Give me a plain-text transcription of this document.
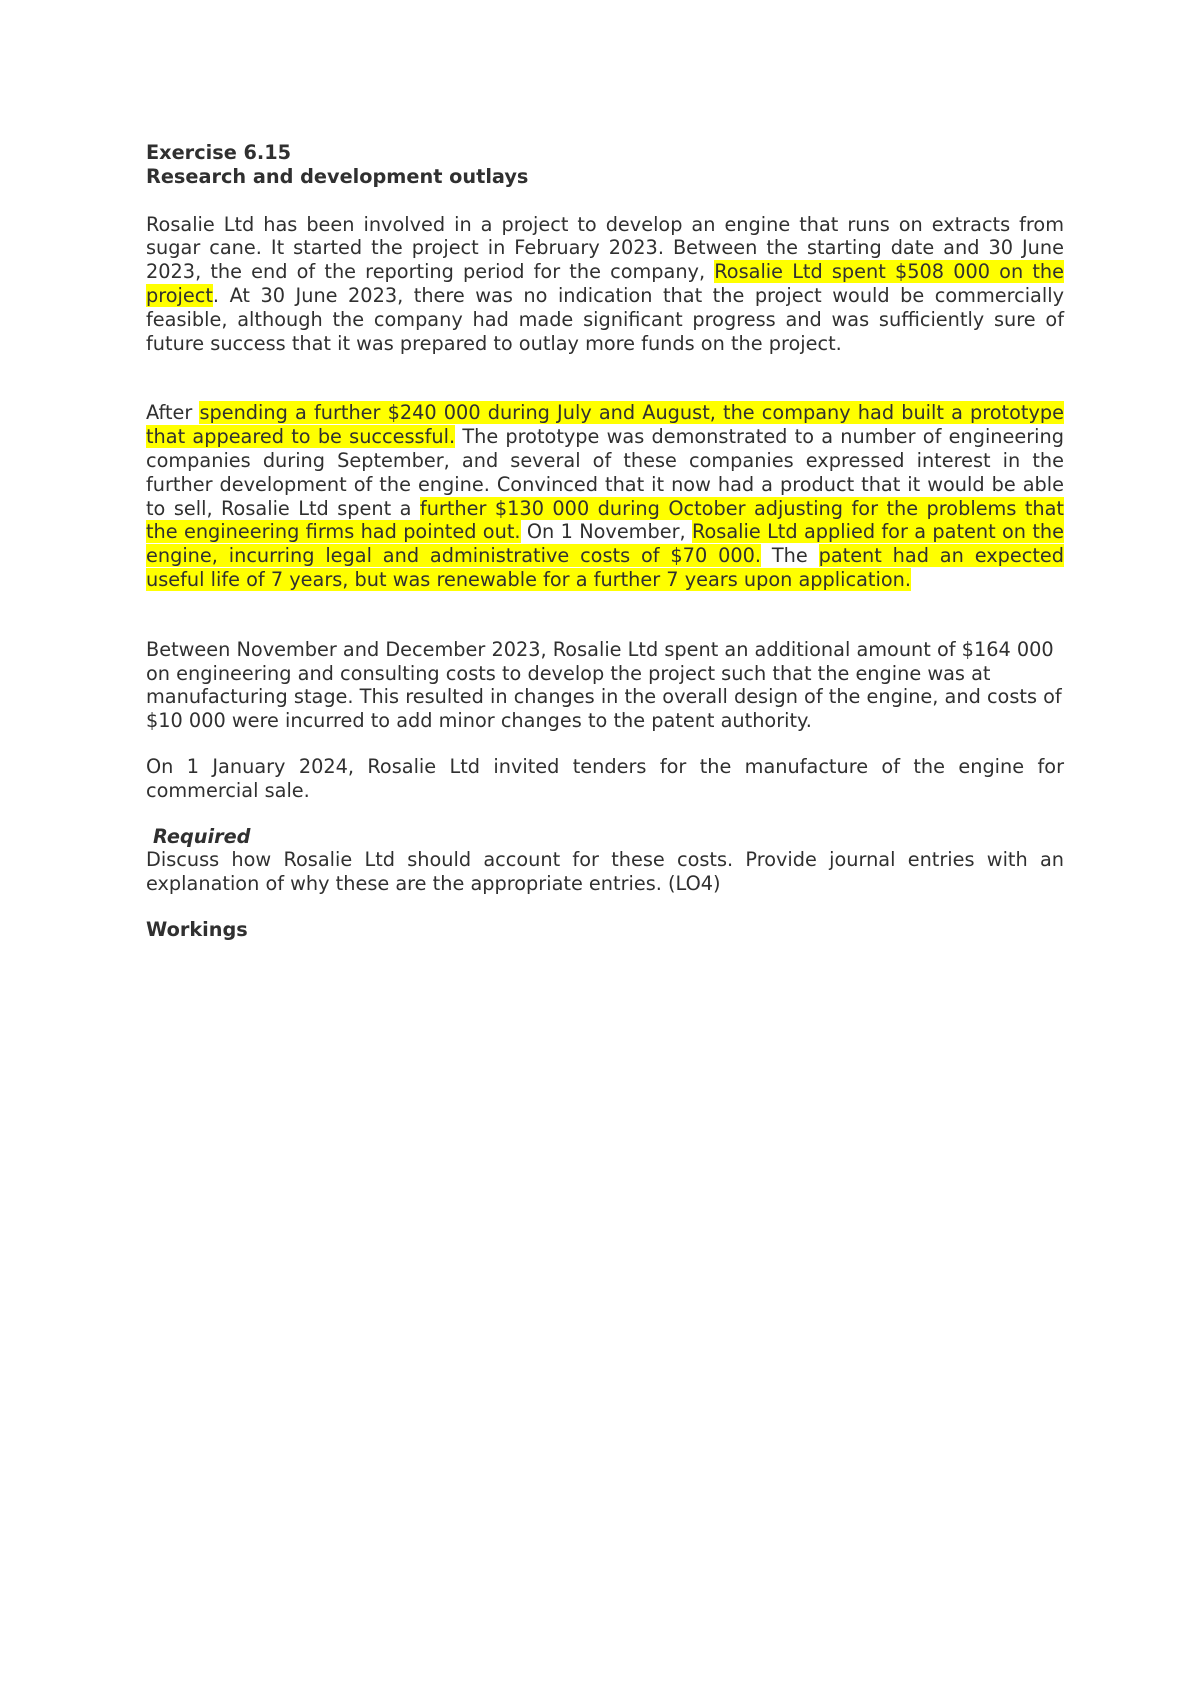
Exercise 6.15
Research and development outlays

Rosalie Ltd has been involved in a project to develop an engine that runs on extracts from sugar cane. It started the project in February 2023. Between the starting date and 30 June 2023, the end of the reporting period for the company, Rosalie Ltd spent $508 000 on the project. At 30 June 2023, there was no indication that the project would be commercially feasible, although the company had made significant progress and was sufficiently sure of future success that it was prepared to outlay more funds on the project.

After spending a further $240 000 during July and August, the company had built a prototype that appeared to be successful. The prototype was demonstrated to a number of engineering companies during September, and several of these companies expressed interest in the further development of the engine. Convinced that it now had a product that it would be able to sell, Rosalie Ltd spent a further $130 000 during October adjusting for the problems that the engineering firms had pointed out. On 1 November, Rosalie Ltd applied for a patent on the engine, incurring legal and administrative costs of $70 000. The patent had an expected useful life of 7 years, but was renewable for a further 7 years upon application.

Between November and December 2023, Rosalie Ltd spent an additional amount of $164 000 on engineering and consulting costs to develop the project such that the engine was at manufacturing stage. This resulted in changes in the overall design of the engine, and costs of $10 000 were incurred to add minor changes to the patent authority.

On 1 January 2024, Rosalie Ltd invited tenders for the manufacture of the engine for commercial sale.

Required

Discuss how Rosalie Ltd should account for these costs. Provide journal entries with an explanation of why these are the appropriate entries. (LO4)

Workings
